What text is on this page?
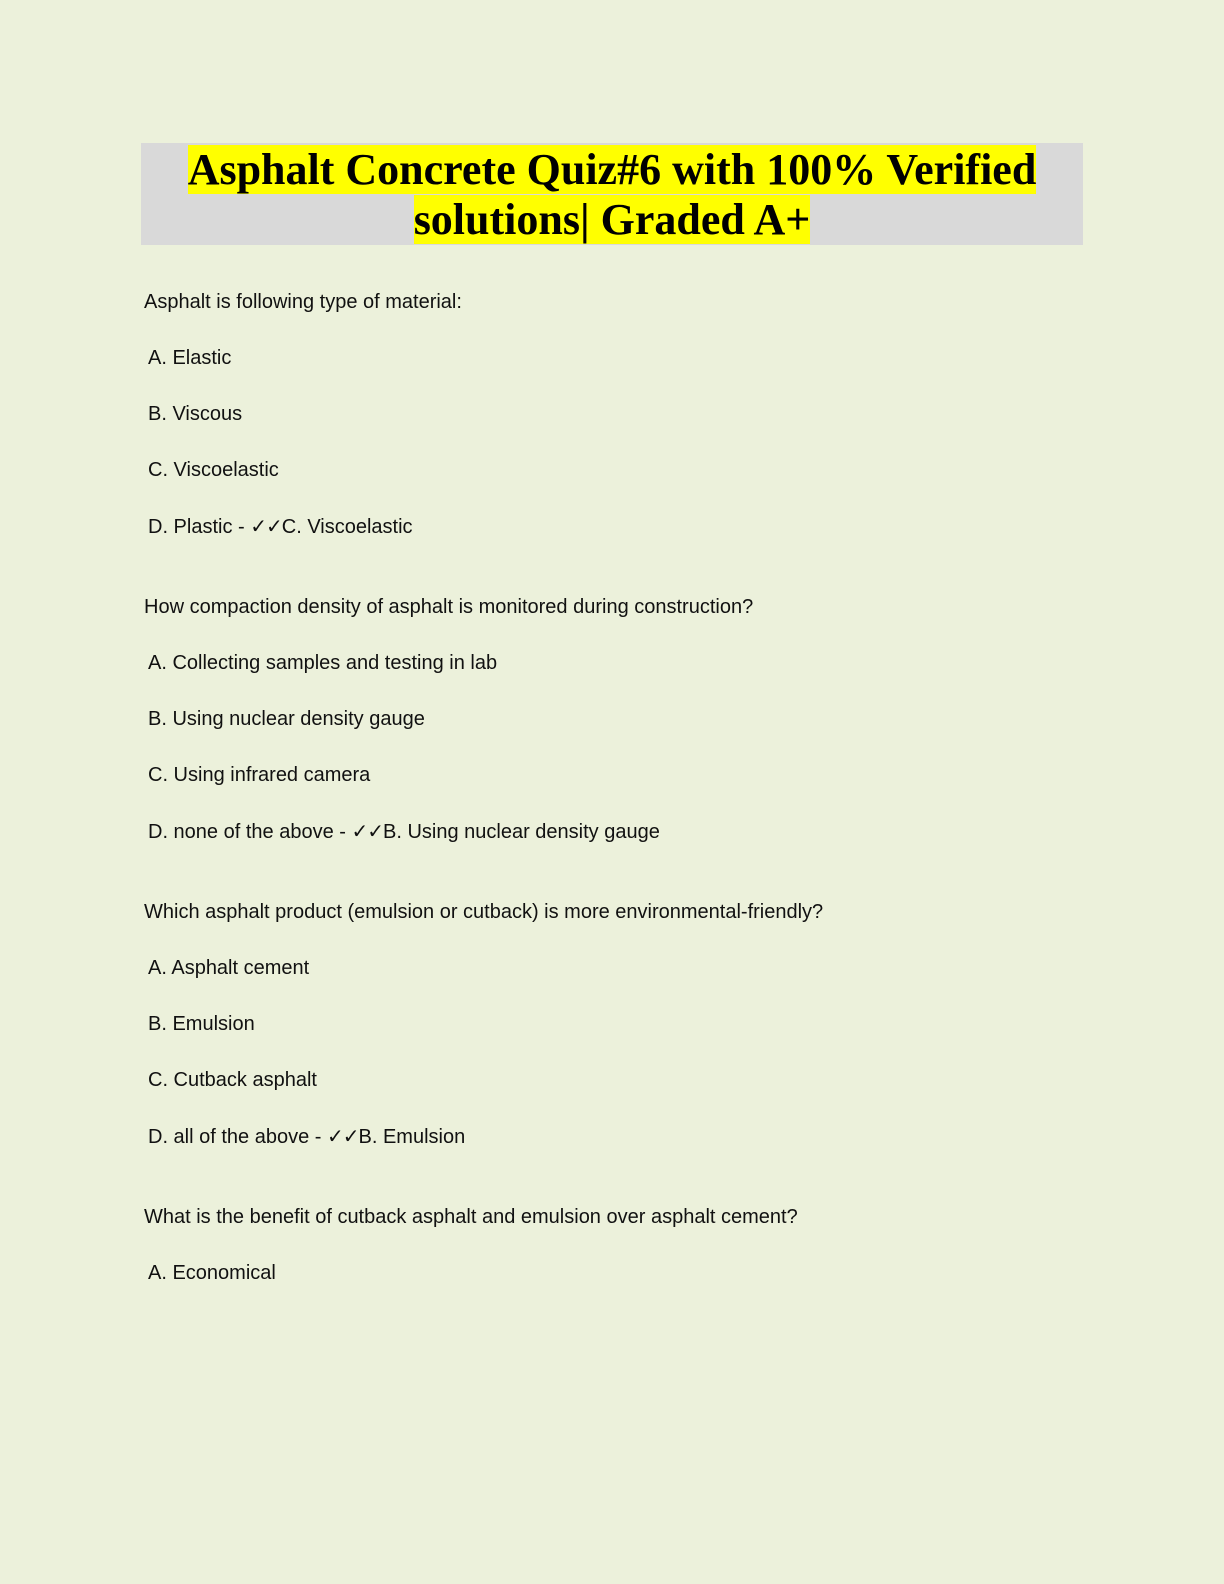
Asphalt Concrete Quiz#6 with 100% Verified solutions| Graded A+
Asphalt is following type of material:
A. Elastic
B. Viscous
C. Viscoelastic
D. Plastic - ✓✓C. Viscoelastic
How compaction density of asphalt is monitored during construction?
A. Collecting samples and testing in lab
B. Using nuclear density gauge
C. Using infrared camera
D. none of the above - ✓✓B. Using nuclear density gauge
Which asphalt product (emulsion or cutback) is more environmental-friendly?
A. Asphalt cement
B. Emulsion
C. Cutback asphalt
D. all of the above - ✓✓B. Emulsion
What is the benefit of cutback asphalt and emulsion over asphalt cement?
A. Economical
